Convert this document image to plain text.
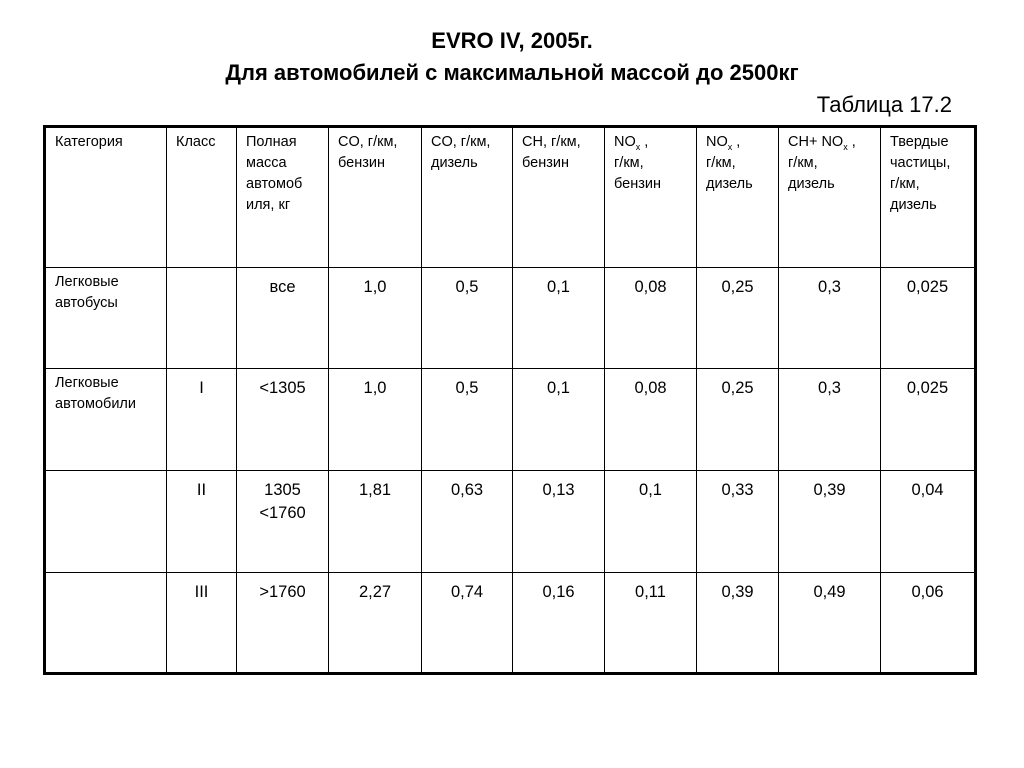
EVRO IV, 2005г.
Для автомобилей с максимальной массой до 2500кг

Таблица 17.2

Категория	Класс	Полная
масса
автомоб
иля, кг	CO, г/км,
бензин	CO, г/км,
дизель	CH, г/км,
бензин	$NO_x$ ,
г/км,
бензин	$NO_x$ ,
г/км,
дизель	$CH+ NO_x$ ,
г/км,
дизель	Твердые
частицы,
г/км,
дизель

Легковые
автобусы		все	1,0	0,5	0,1	0,08	0,25	0,3	0,025

Легковые
автомобили	I	<1305	1,0	0,5	0,1	0,08	0,25	0,3	0,025
	II	1305
<1760	1,81	0,63	0,13	0,1	0,33	0,39	0,04
	III	>1760	2,27	0,74	0,16	0,11	0,39	0,49	0,06
